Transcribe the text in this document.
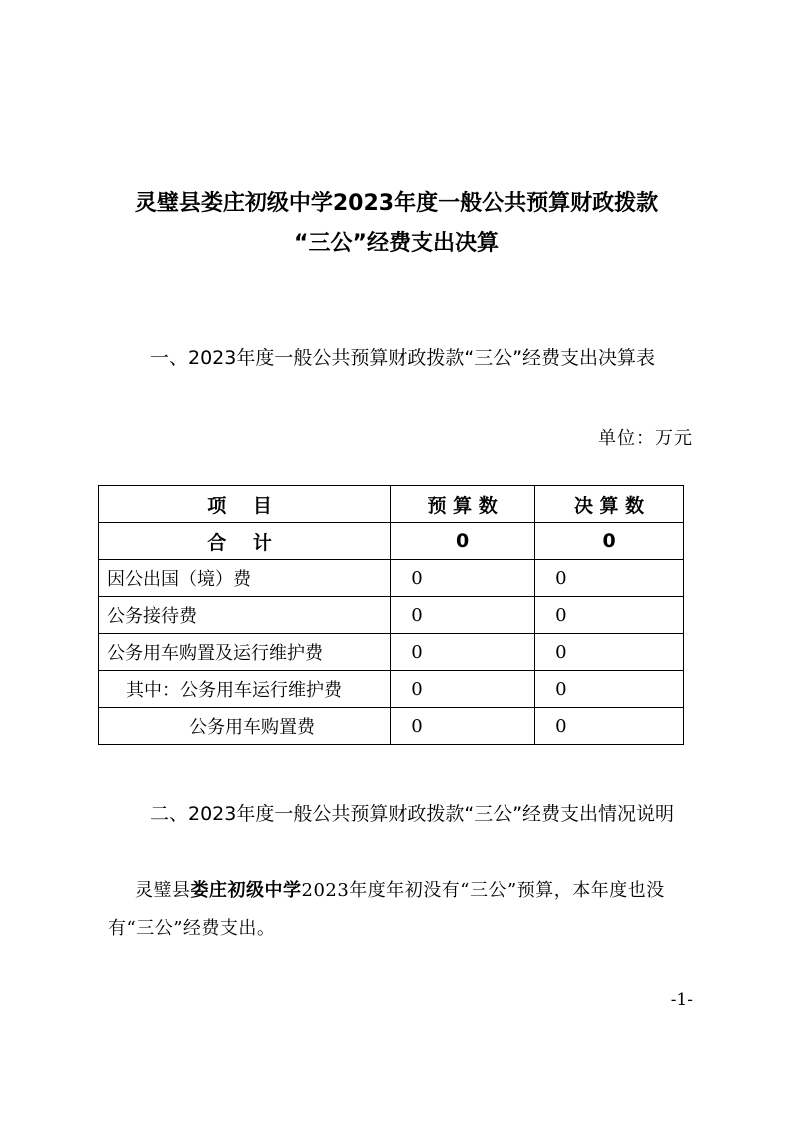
灵璧县娄庄初级中学2023年度一般公共预算财政拨款
“三公”经费支出决算
一、2023年度一般公共预算财政拨款“三公”经费支出决算表
单位：万元
项 目	预 算 数	决 算 数
合 计	0	0
因公出国（境）费	0	0
公务接待费	0	0
公务用车购置及运行维护费	0	0
其中：公务用车运行维护费	0	0
公务用车购置费	0	0
二、2023年度一般公共预算财政拨款“三公”经费支出情况说明
灵璧县娄庄初级中学2023年度年初没有“三公”预算，本年度也没有“三公”经费支出。
-1-
